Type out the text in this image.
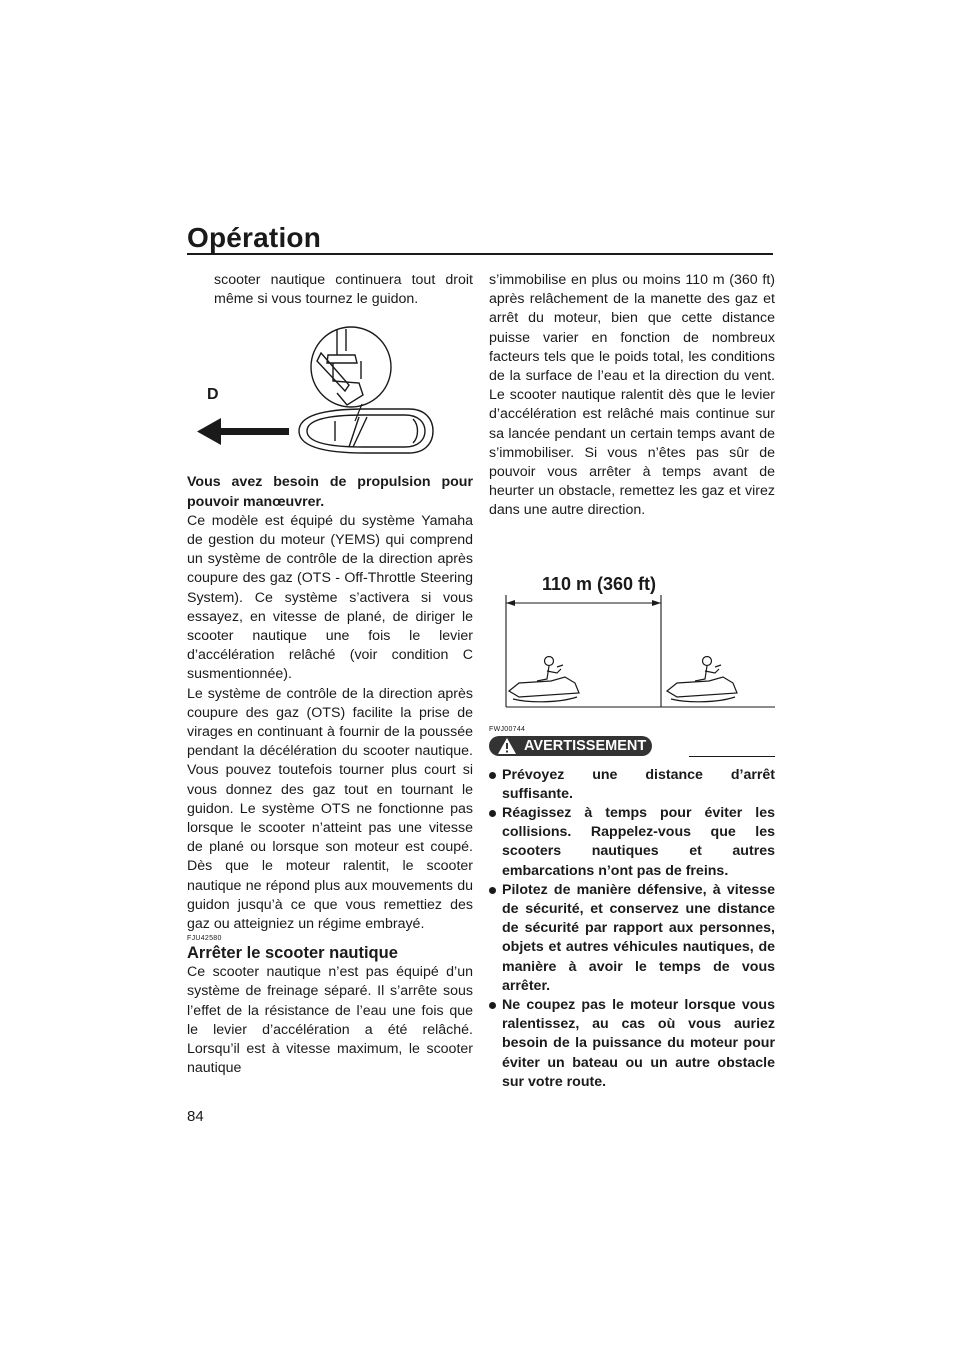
Opération

scooter nautique continuera tout droit même si vous tournez le guidon.

D

Vous avez besoin de propulsion pour pouvoir manœuvrer.

Ce modèle est équipé du système Yamaha de gestion du moteur (YEMS) qui comprend un système de contrôle de la direction après coupure des gaz (OTS - Off-Throttle Steering System). Ce système s’activera si vous essayez, en vitesse de plané, de diriger le scooter nautique une fois le levier d’accélération relâché (voir condition C susmentionnée).

Le système de contrôle de la direction après coupure des gaz (OTS) facilite la prise de virages en continuant à fournir de la poussée pendant la décélération du scooter nautique. Vous pouvez toutefois tourner plus court si vous donnez des gaz tout en tournant le guidon. Le système OTS ne fonctionne pas lorsque le scooter n’atteint pas une vitesse de plané ou lorsque son moteur est coupé. Dès que le moteur ralentit, le scooter nautique ne répond plus aux mouvements du guidon jusqu’à ce que vous remettiez des gaz ou atteigniez un régime embrayé.

FJU42580

Arrêter le scooter nautique

Ce scooter nautique n’est pas équipé d’un système de freinage séparé. Il s’arrête sous l’effet de la résistance de l’eau une fois que le levier d’accélération a été relâché. Lorsqu’il est à vitesse maximum, le scooter nautique

s’immobilise en plus ou moins 110 m (360 ft) après relâchement de la manette des gaz et arrêt du moteur, bien que cette distance puisse varier en fonction de nombreux facteurs tels que le poids total, les conditions de la surface de l’eau et la direction du vent. Le scooter nautique ralentit dès que le levier d’accélération est relâché mais continue sur sa lancée pendant un certain temps avant de s’immobiliser. Si vous n’êtes pas sûr de pouvoir vous arrêter à temps avant de heurter un obstacle, remettez les gaz et virez dans une autre direction.

110 m (360 ft)

FWJ00744

AVERTISSEMENT
Prévoyez une distance d’arrêt suffisante.
Réagissez à temps pour éviter les collisions. Rappelez-vous que les scooters nautiques et autres embarcations n’ont pas de freins.
Pilotez de manière défensive, à vitesse de sécurité, et conservez une distance de sécurité par rapport aux personnes, objets et autres véhicules nautiques, de manière à avoir le temps de vous arrêter.
Ne coupez pas le moteur lorsque vous ralentissez, au cas où vous auriez besoin de la puissance du moteur pour éviter un bateau ou un autre obstacle sur votre route.
84
